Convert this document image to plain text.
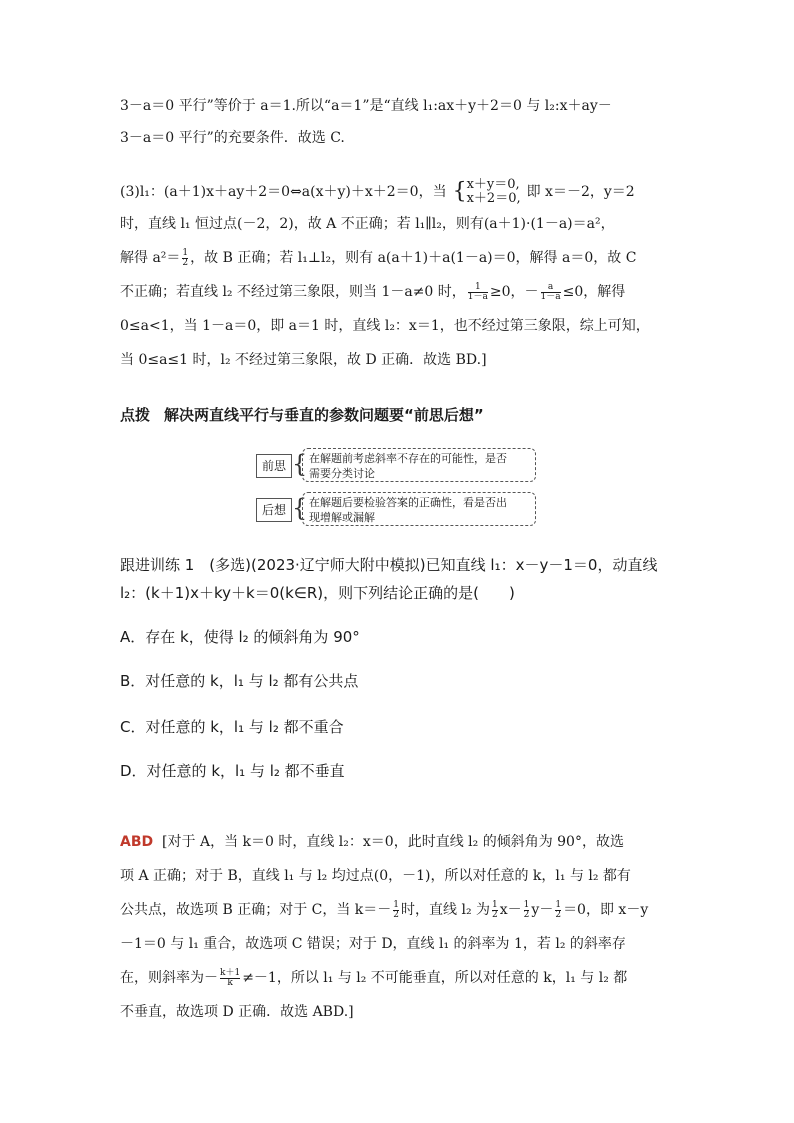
3－a＝0 平行”等价于 a＝1.所以“a＝1”是“直线 l₁:ax＋y＋2＝0 与 l₂:x＋ay－
3－a＝0 平行”的充要条件．故选 C.
(3)l₁：(a＋1)x＋ay＋2＝0⇔a(x＋y)＋x＋2＝0，当 { x＋y＝0,
x＋2＝0, 即 x＝－2，y＝2
时，直线 l₁ 恒过点(－2，2)，故 A 不正确；若 l₁∥l₂，则有(a＋1)·(1－a)＝a²，
解得 $a^2= \frac{1}{2}$ ，故 B 正确；若 l₁⊥l₂，则有 a(a＋1)＋a(1－a)＝0，解得 a＝0，故 C
不正确；若直线 l₂ 不经过第三象限，则当 1－a≠0 时， $\frac{1}{1-a} \ge 0$，－ $\frac{a}{1-a} \le 0$，解得
0≤a<1，当 1－a＝0，即 a＝1 时，直线 l₂：x＝1，也不经过第三象限，综上可知，
当 0≤a≤1 时，l₂ 不经过第三象限，故 D 正确．故选 BD.]
点拨 解决两直线平行与垂直的参数问题要“前思后想”
前思 { 在解题前考虑斜率不存在的可能性，是否
需要分类讨论
后想 { 在解题后要检验答案的正确性，看是否出
现增解或漏解
跟进训练 1　(多选)(2023·辽宁师大附中模拟)已知直线 l₁：x－y－1＝0，动直线
l₂：(k＋1)x＋ky＋k＝0(k∈R)，则下列结论正确的是(　　)
A．存在 k，使得 l₂ 的倾斜角为 90°
B．对任意的 k，l₁ 与 l₂ 都有公共点
C．对任意的 k，l₁ 与 l₂ 都不重合
D．对任意的 k，l₁ 与 l₂ 都不垂直
ABD [对于 A，当 k＝0 时，直线 l₂：x＝0，此时直线 l₂ 的倾斜角为 90°，故选
项 A 正确；对于 B，直线 l₁ 与 l₂ 均过点(0，－1)，所以对任意的 k，l₁ 与 l₂ 都有
公共点，故选项 B 正确；对于 C，当 $k=- \frac{1}{2}$ 时，直线 l₂ 为 $\frac{1}{2} x- \frac{1}{2} y- \frac{1}{2} =0$，即 x－y
－1＝0 与 l₁ 重合，故选项 C 错误；对于 D，直线 l₁ 的斜率为 1，若 l₂ 的斜率存
在，则斜率为－ $\frac{k+1}{k} \ne-1$，所以 l₁ 与 l₂ 不可能垂直，所以对任意的 k，l₁ 与 l₂ 都
不垂直，故选项 D 正确．故选 ABD.]
